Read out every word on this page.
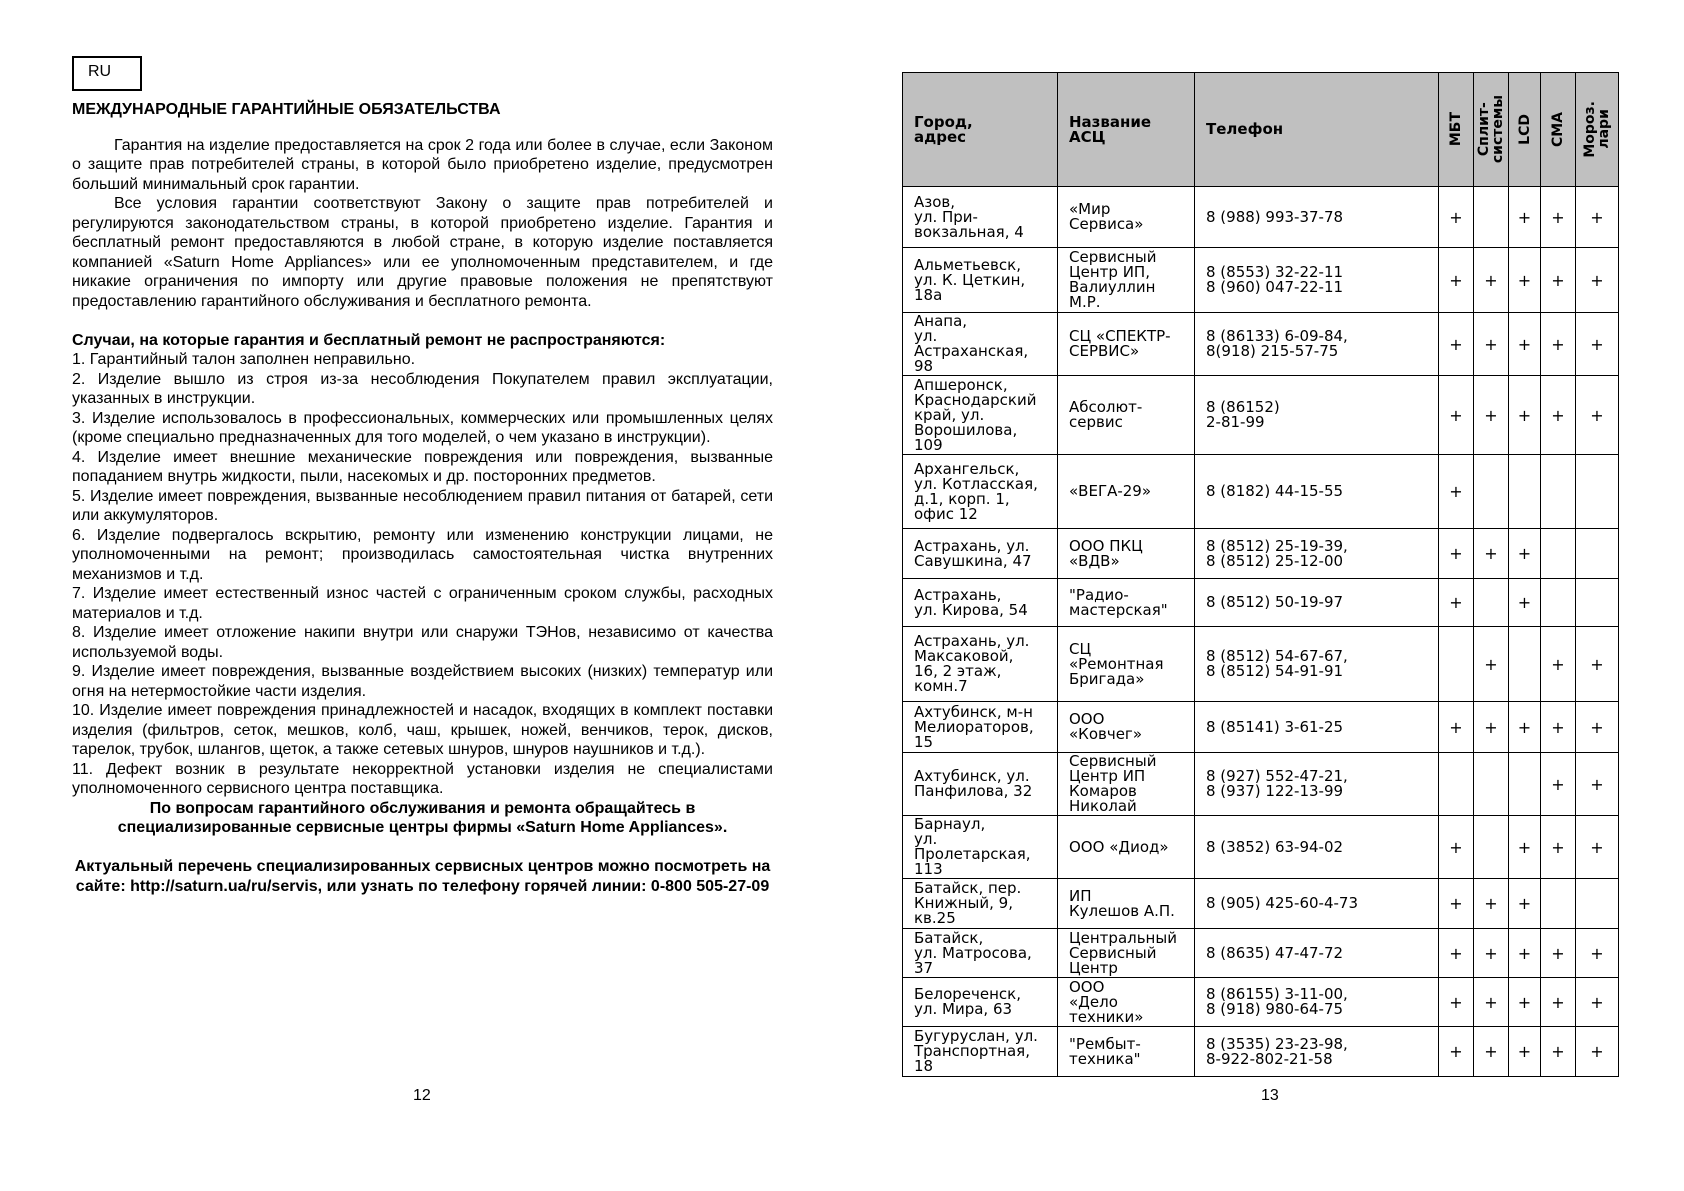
RU
МЕЖДУНАРОДНЫЕ ГАРАНТИЙНЫЕ ОБЯЗАТЕЛЬСТВА

Гарантия на изделие предоставляется на срок 2 года или более в случае, если Законом о защите прав потребителей страны, в которой было приобретено изделие, предусмотрен больший минимальный срок гарантии.

Все условия гарантии соответствуют Закону о защите прав потребителей и регулируются законодательством страны, в которой приобретено изделие. Гарантия и бесплатный ремонт предоставляются в любой стране, в которую изделие поставляется компанией «Saturn Home Appliances» или ее уполномоченным представителем, и где никакие ограничения по импорту или другие правовые положения не препятствуют предоставлению гарантийного обслуживания и бесплатного ремонта.

Случаи, на которые гарантия и бесплатный ремонт не распространяются:

1. Гарантийный талон заполнен неправильно.

2. Изделие вышло из строя из-за несоблюдения Покупателем правил эксплуатации, указанных в инструкции.

3. Изделие использовалось в профессиональных, коммерческих или промышленных целях (кроме специально предназначенных для того моделей, о чем указано в инструкции).

4. Изделие имеет внешние механические повреждения или повреждения, вызванные попаданием внутрь жидкости, пыли, насекомых и др. посторонних предметов.

5. Изделие имеет повреждения, вызванные несоблюдением правил питания от батарей, сети или аккумуляторов.

6. Изделие подвергалось вскрытию, ремонту или изменению конструкции лицами, не уполномоченными на ремонт; производилась самостоятельная чистка внутренних механизмов и т.д.

7. Изделие имеет естественный износ частей с ограниченным сроком службы, расходных материалов и т.д.

8. Изделие имеет отложение накипи внутри или снаружи ТЭНов, независимо от качества используемой воды.

9. Изделие имеет повреждения, вызванные воздействием высоких (низких) температур или огня на нетермостойкие части изделия.

10. Изделие имеет повреждения принадлежностей и насадок, входящих в комплект поставки изделия (фильтров, сеток, мешков, колб, чаш, крышек, ножей, венчиков, терок, дисков, тарелок, трубок, шлангов, щеток, а также сетевых шнуров, шнуров наушников и т.д.).

11. Дефект возник в результате некорректной установки изделия не специалистами уполномоченного сервисного центра поставщика.

По вопросам гарантийного обслуживания и ремонта обращайтесь в специализированные сервисные центры фирмы «Saturn Home Appliances».

Актуальный перечень специализированных сервисных центров можно посмотреть на сайте: http://saturn.ua/ru/servis, или узнать по телефону горячей линии: 0-800 505-27-09

12	13
Город,
адрес	Название
АСЦ	Телефон	МБТ	Сплит-
системы	LCD	СМА	Мороз.
лари

Азов,
ул. При-
вокзальная, 4	«Мир
Сервиса»	8 (988) 993-37-78	+		+	+	+
Альметьевск,
ул. К. Цеткин,
18а	Сервисный
Центр ИП,
Валиуллин
М.Р.	8 (8553) 32-22-11
8 (960) 047-22-11	+	+	+	+	+
Анапа,
ул.
Астраханская,
98	СЦ «СПЕКТР-
СЕРВИС»	8 (86133) 6-09-84,
8(918) 215-57-75	+	+	+	+	+
Апшеронск,
Краснодарский
край, ул.
Ворошилова,
109	Абсолют-
сервис	8 (86152)
2-81-99	+	+	+	+	+
Архангельск,
ул. Котласская,
д.1, корп. 1,
офис 12	«ВЕГА-29»	8 (8182) 44-15-55	+				
Астрахань, ул.
Савушкина, 47	ООО ПКЦ
«ВДВ»	8 (8512) 25-19-39,
8 (8512) 25-12-00	+	+	+		
Астрахань,
ул. Кирова, 54	"Радио-
мастерская"	8 (8512) 50-19-97	+		+		
Астрахань, ул.
Максаковой,
16, 2 этаж,
комн.7	СЦ
«Ремонтная
Бригада»	8 (8512) 54-67-67,
8 (8512) 54-91-91		+		+	+
Ахтубинск, м-н
Мелиораторов,
15	ООО
«Ковчег»	8 (85141) 3-61-25	+	+	+	+	+
Ахтубинск, ул.
Панфилова, 32	Сервисный
Центр ИП
Комаров
Николай	8 (927) 552-47-21,
8 (937) 122-13-99				+	+
Барнаул,
ул.
Пролетарская,
113	ООО «Диод»	8 (3852) 63-94-02	+		+	+	+
Батайск, пер.
Книжный, 9,
кв.25	ИП
Кулешов А.П.	8 (905) 425-60-4-73	+	+	+		
Батайск,
ул. Матросова,
37	Центральный
Сервисный
Центр	8 (8635) 47-47-72	+	+	+	+	+
Белореченск,
ул. Мира, 63	ООО
«Дело
техники»	8 (86155) 3-11-00,
8 (918) 980-64-75	+	+	+	+	+
Бугуруслан, ул.
Транспортная,
18	"Рембыт-
техника"	8 (3535) 23-23-98,
8-922-802-21-58	+	+	+	+	+
